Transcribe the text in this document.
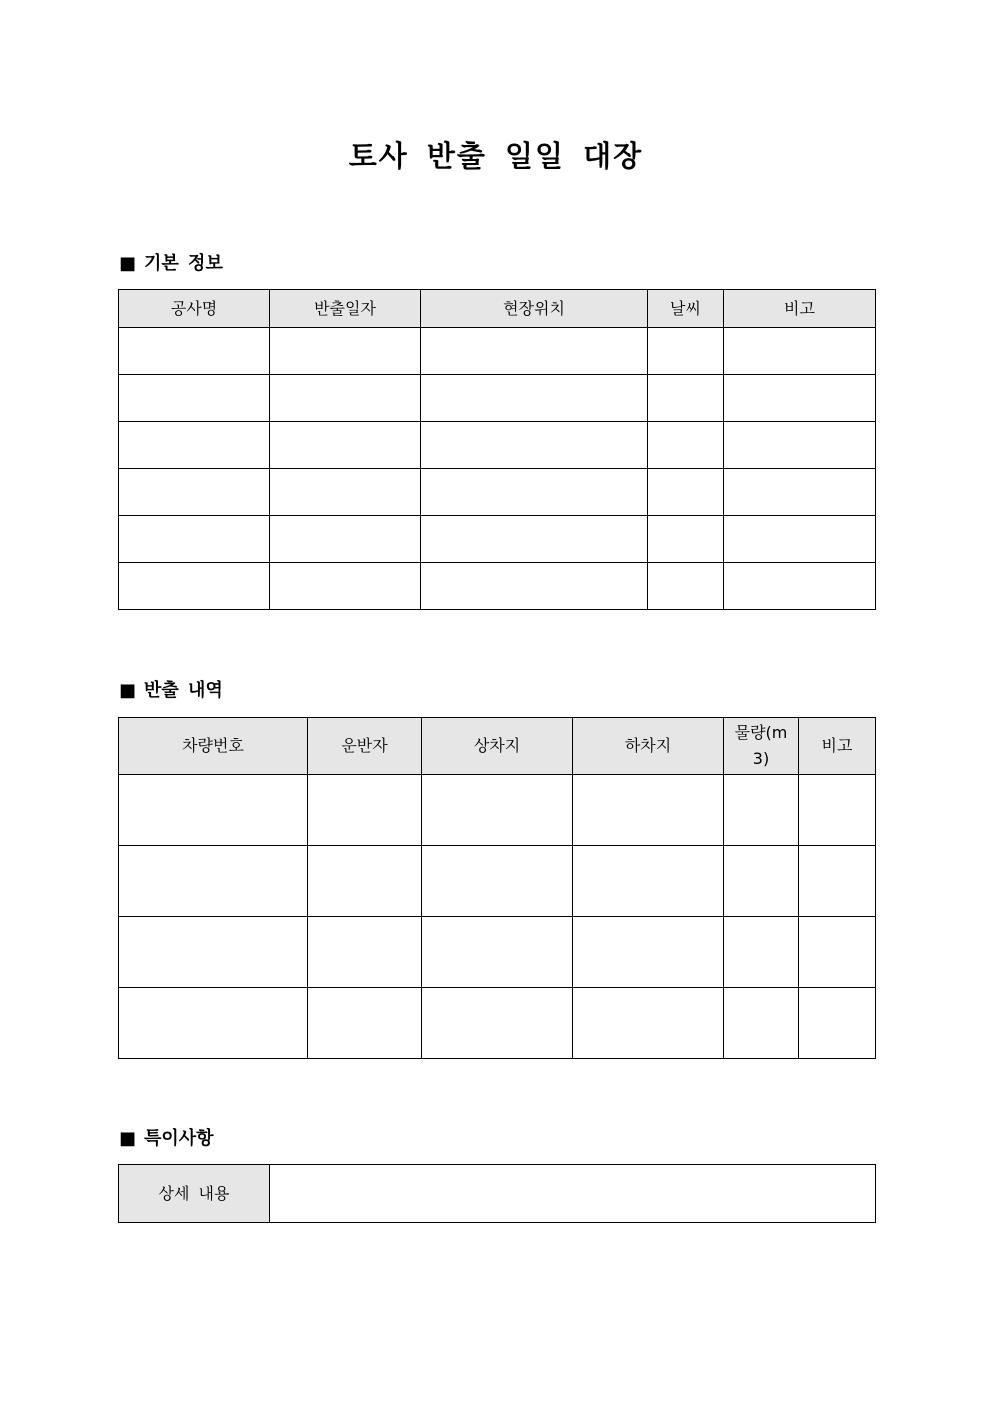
토사 반출 일일 대장
■ 기본 정보
공사명	반출일자	현장위치	날씨	비고

■ 반출 내역
차량번호	운반자	상차지	하차지	물량(m3)	비고

■ 특이사항
상세 내용	
